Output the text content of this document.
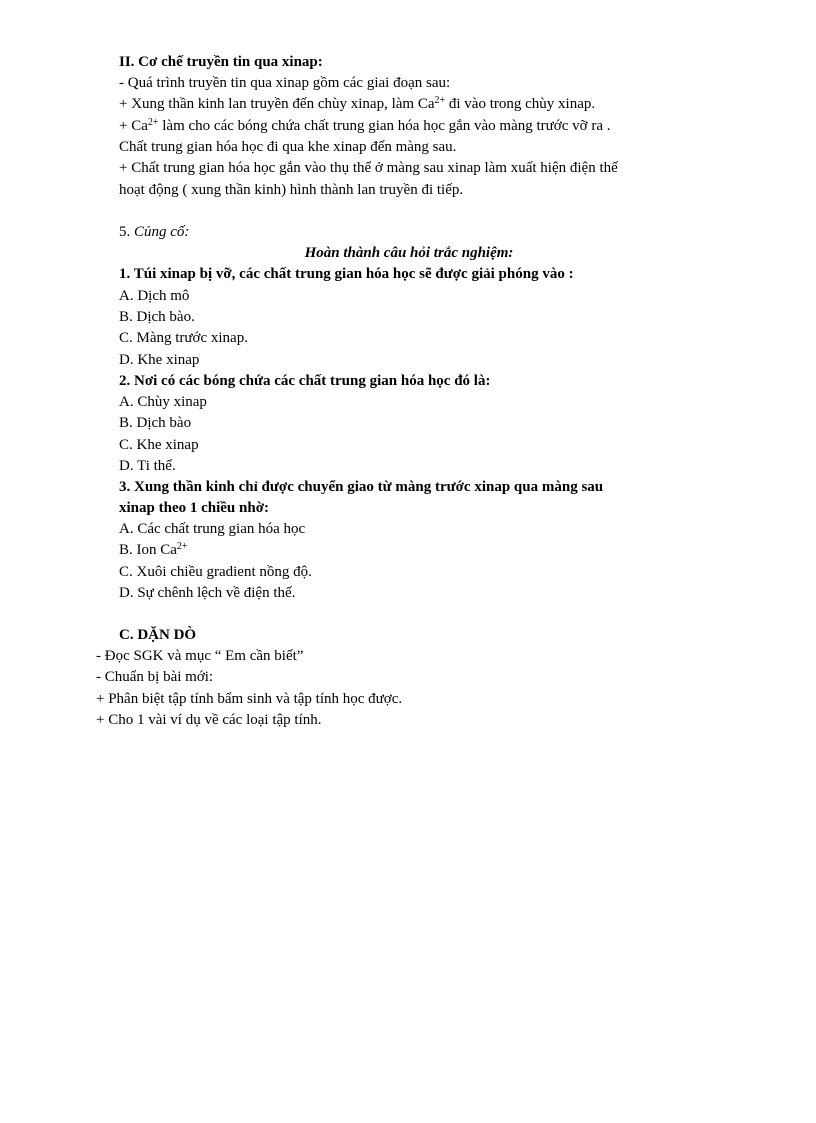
II. Cơ chế truyền tin qua xinap:
- Quá trình truyền tin qua xinap gồm các giai đoạn sau:
+ Xung thần kinh lan truyền đến chùy xinap, làm $Ca^{2+}$ đi vào trong chùy xinap.
+ $Ca^{2+}$ làm cho các bóng chứa chất trung gian hóa học gắn vào màng trước vỡ ra .
Chất trung gian hóa học đi qua khe xinap đến màng sau.
+ Chất trung gian hóa học gắn vào thụ thể ở màng sau xinap làm xuất hiện điện thế
hoạt động ( xung thần kinh) hình thành lan truyền đi tiếp.
5. Củng cố:
Hoàn thành câu hỏi trắc nghiệm:
1. Túi xinap bị vỡ, các chất trung gian hóa học sẽ được giải phóng vào :
A. Dịch mô
B. Dịch bào.
C. Màng trước xinap.
D. Khe xinap
2. Nơi có các bóng chứa các chất trung gian hóa học đó là:
A. Chùy xinap
B. Dịch bào
C. Khe xinap
D. Ti thể.
3. Xung thần kinh chỉ được chuyển giao từ màng trước xinap qua màng sau
xinap theo 1 chiều nhờ:
A. Các chất trung gian hóa học
B. Ion $Ca^{2+}$
C. Xuôi chiều gradient nồng độ.
D. Sự chênh lệch về điện thế.
C. DẶN DÒ
- Đọc SGK và mục “ Em cần biết”
- Chuẩn bị bài mới:
+ Phân biệt tập tính bẩm sinh và tập tính học được.
+ Cho 1 vài ví dụ về các loại tập tính.
